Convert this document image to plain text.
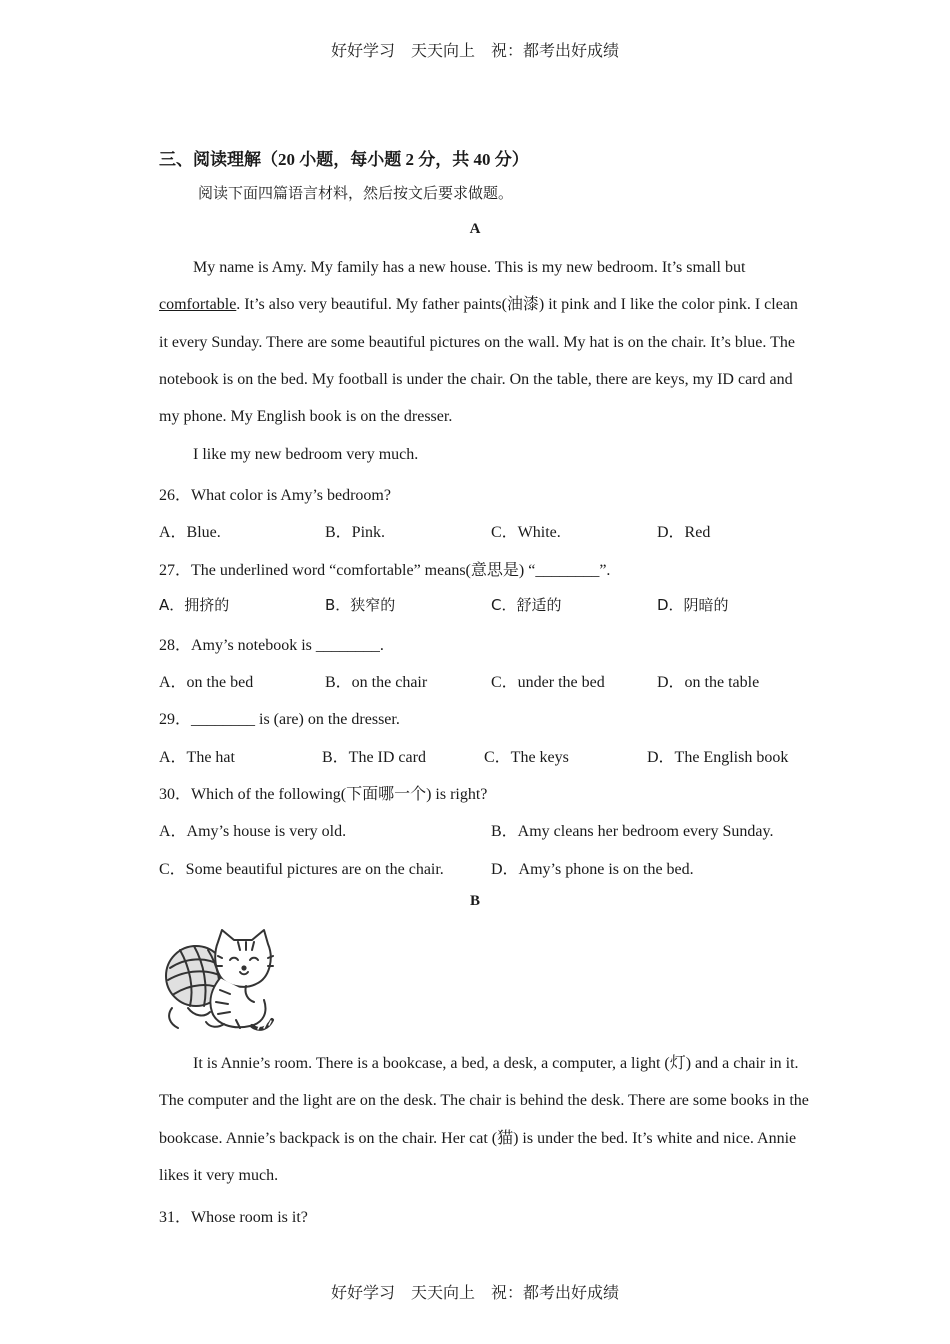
好好学习　天天向上　祝：都考出好成绩
三、阅读理解（20 小题，每小题 2 分，共 40 分）
阅读下面四篇语言材料，然后按文后要求做题。
A
My name is Amy. My family has a new house. This is my new bedroom. It’s small but comfortable. It’s also very beautiful. My father paints(油漆) it pink and I like the color pink. I clean it every Sunday. There are some beautiful pictures on the wall. My hat is on the chair. It’s blue. The notebook is on the bed. My football is under the chair. On the table, there are keys, my ID card and my phone. My English book is on the dresser.
I like my new bedroom very much.
26．What color is Amy’s bedroom?
A．Blue.	B．Pink.	C．White.	D．Red
27．The underlined word “comfortable” means(意思是) “________”.
A．拥挤的	B．狭窄的	C．舒适的	D．阴暗的
28．Amy’s notebook is ________.
A．on the bed	B．on the chair	C．under the bed	D．on the table
29．________ is (are) on the dresser.
A．The hat	B．The ID card	C．The keys	D．The English book
30．Which of the following(下面哪一个) is right?
A．Amy’s house is very old.	B．Amy cleans her bedroom every Sunday.
C．Some beautiful pictures are on the chair.	D．Amy’s phone is on the bed.
B
It is Annie’s room. There is a bookcase, a bed, a desk, a computer, a light (灯) and a chair in it. The computer and the light are on the desk. The chair is behind the desk. There are some books in the bookcase. Annie’s backpack is on the chair. Her cat (猫) is under the bed. It’s white and nice. Annie likes it very much.
31．Whose room is it?
好好学习　天天向上　祝：都考出好成绩
